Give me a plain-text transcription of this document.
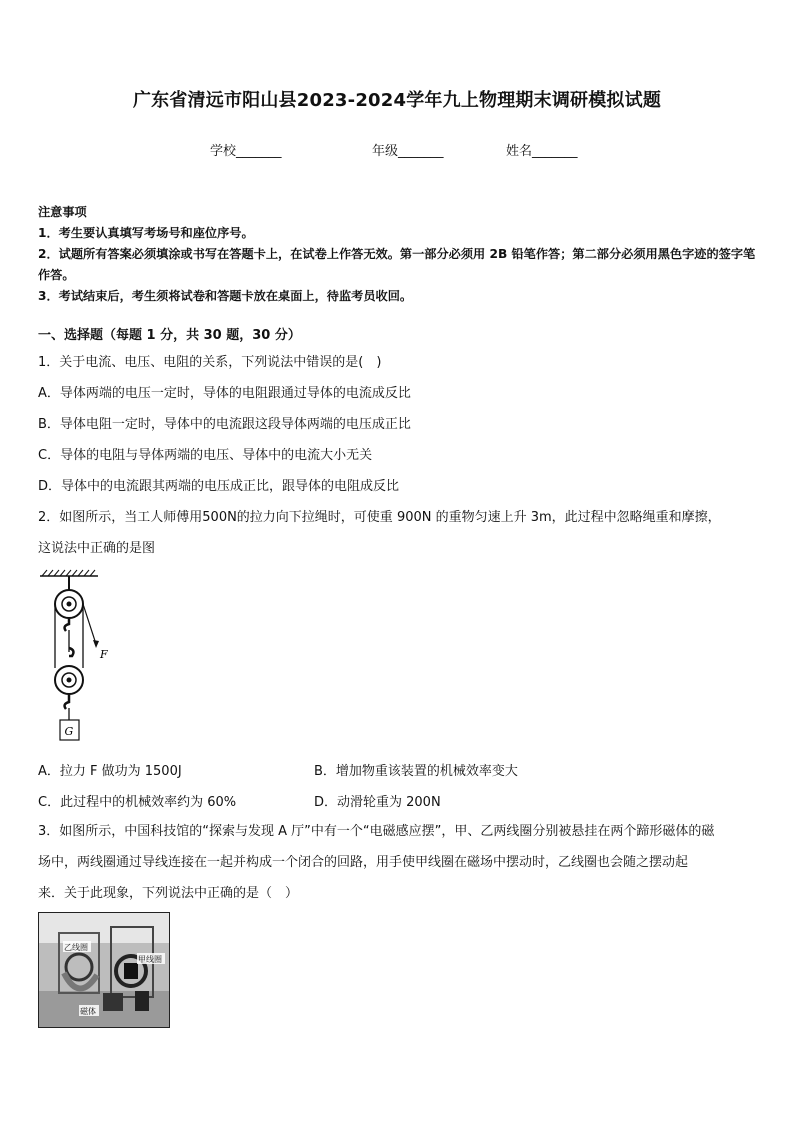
广东省清远市阳山县2023-2024学年九上物理期末调研模拟试题
学校_______	年级_______	姓名_______
注意事项
1．考生要认真填写考场号和座位序号。
2．试题所有答案必须填涂或书写在答题卡上，在试卷上作答无效。第一部分必须用 2B 铅笔作答；第二部分必须用黑色字迹的签字笔作答。
3．考试结束后，考生须将试卷和答题卡放在桌面上，待监考员收回。
一、选择题（每题 1 分，共 30 题，30 分）
1．关于电流、电压、电阻的关系，下列说法中错误的是(　)
A．导体两端的电压一定时，导体的电阻跟通过导体的电流成反比
B．导体电阻一定时，导体中的电流跟这段导体两端的电压成正比
C．导体的电阻与导体两端的电压、导体中的电流大小无关
D．导体中的电流跟其两端的电压成正比，跟导体的电阻成反比
2．如图所示，当工人师傅用500N的拉力向下拉绳时，可使重 900N 的重物匀速上升 3m，此过程中忽略绳重和摩擦，
这说法中正确的是图
F
G
A．拉力 F 做功为 1500J	B．增加物重该装置的机械效率变大
C．此过程中的机械效率约为 60%	D．动滑轮重为 200N
3．如图所示，中国科技馆的“探索与发现 A 厅”中有一个“电磁感应摆”，甲、乙两线圈分别被悬挂在两个蹄形磁体的磁
场中，两线圈通过导线连接在一起并构成一个闭合的回路，用手使甲线圈在磁场中摆动时，乙线圈也会随之摆动起
来．关于此现象，下列说法中正确的是（　）
乙线圈
甲线圈
磁体
